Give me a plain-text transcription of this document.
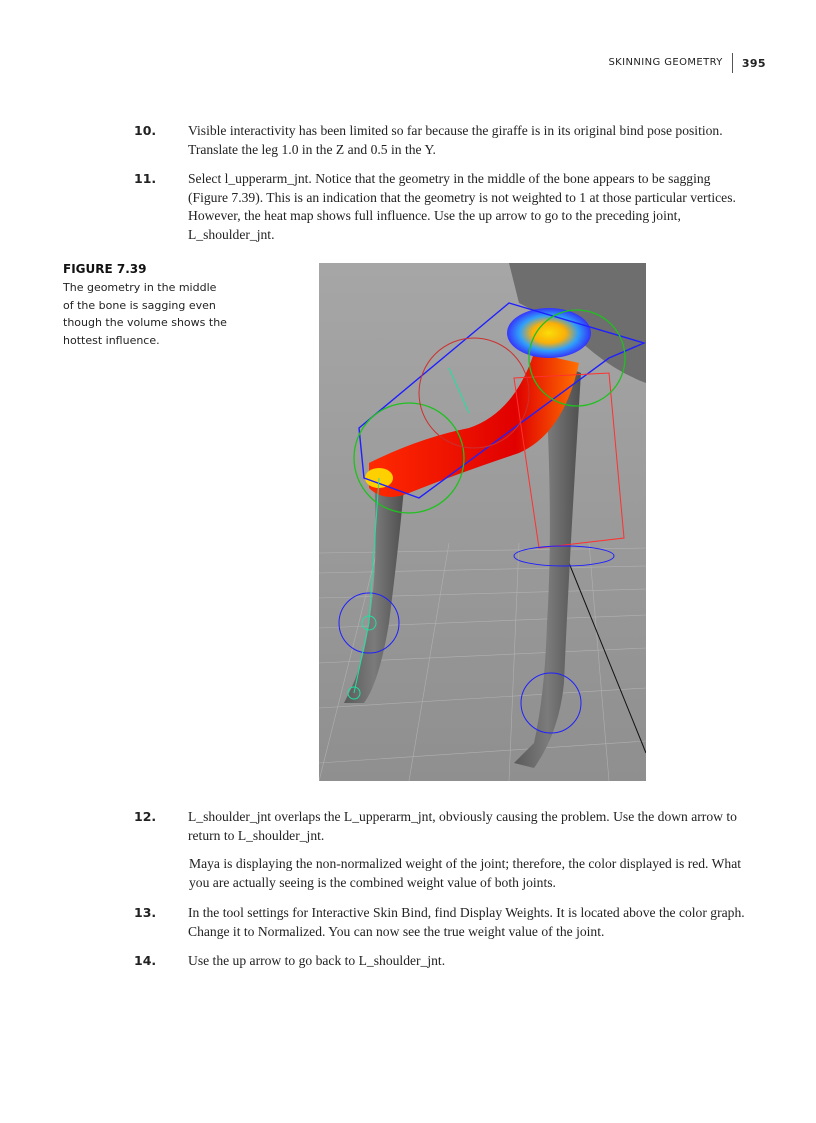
SKINNING GEOMETRY	395
10. Visible interactivity has been limited so far because the giraffe is in its original bind pose position. Translate the leg 1.0 in the Z and 0.5 in the Y.
11. Select l_upperarm_jnt. Notice that the geometry in the middle of the bone appears to be sagging (Figure 7.39). This is an indication that the geometry is not weighted to 1 at those particular vertices. However, the heat map shows full influence. Use the up arrow to go to the preceding joint, L_shoulder_jnt.
FIGURE 7.39
The geometry in the middle of the bone is sagging even though the volume shows the hottest influence.
12. L_shoulder_jnt overlaps the L_upperarm_jnt, obviously causing the problem. Use the down arrow to return to L_shoulder_jnt.
Maya is displaying the non-normalized weight of the joint; therefore, the color displayed is red. What you are actually seeing is the combined weight value of both joints.
13. In the tool settings for Interactive Skin Bind, find Display Weights. It is located above the color graph. Change it to Normalized. You can now see the true weight value of the joint.
14. Use the up arrow to go back to L_shoulder_jnt.
